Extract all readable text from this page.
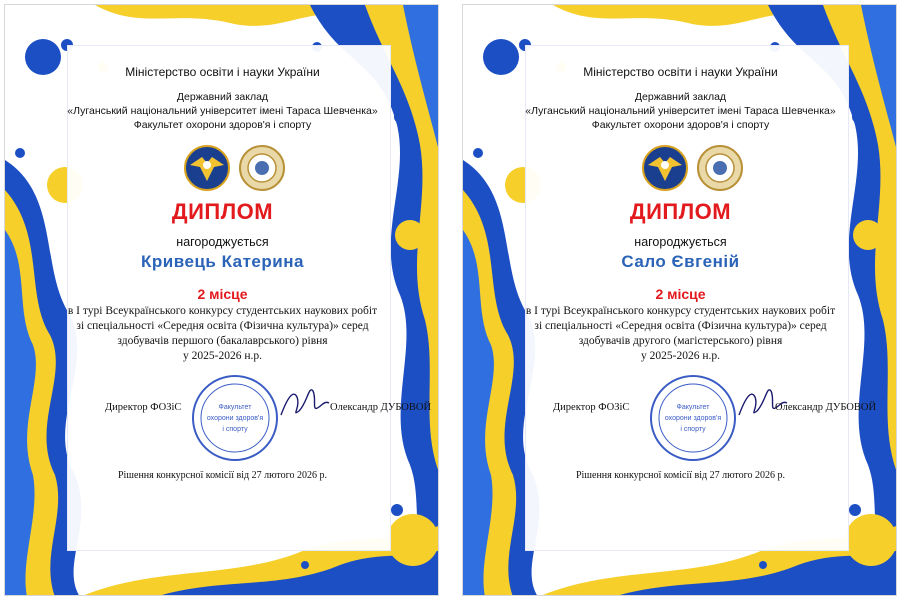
Міністерство освіти і науки України
Державний заклад
«Луганський національний університет імені Тараса Шевченка»
Факультет охорони здоров'я і спорту
ДИПЛОМ
нагороджується
Кривець Катерина
2 місце
в І турі Всеукраїнського конкурсу студентських наукових робіт
зі спеціальності «Середня освіта (Фізична культура)» серед
здобувачів першого (бакалаврського) рівня
у 2025-2026 н.р.
Факультет
охорони здоров'я
і спорту
Директор ФОЗіС	Олександр ДУБОВОЙ
Рішення конкурсної комісії від 27 лютого 2026 р.
Міністерство освіти і науки України
Державний заклад
«Луганський національний університет імені Тараса Шевченка»
Факультет охорони здоров'я і спорту
ДИПЛОМ
нагороджується
Сало Євгеній
2 місце
в І турі Всеукраїнського конкурсу студентських наукових робіт
зі спеціальності «Середня освіта (Фізична культура)» серед
здобувачів другого (магістерського) рівня
у 2025-2026 н.р.
Факультет
охорони здоров'я
і спорту
Директор ФОЗіС	Олександр ДУБОВОЙ
Рішення конкурсної комісії від 27 лютого 2026 р.
